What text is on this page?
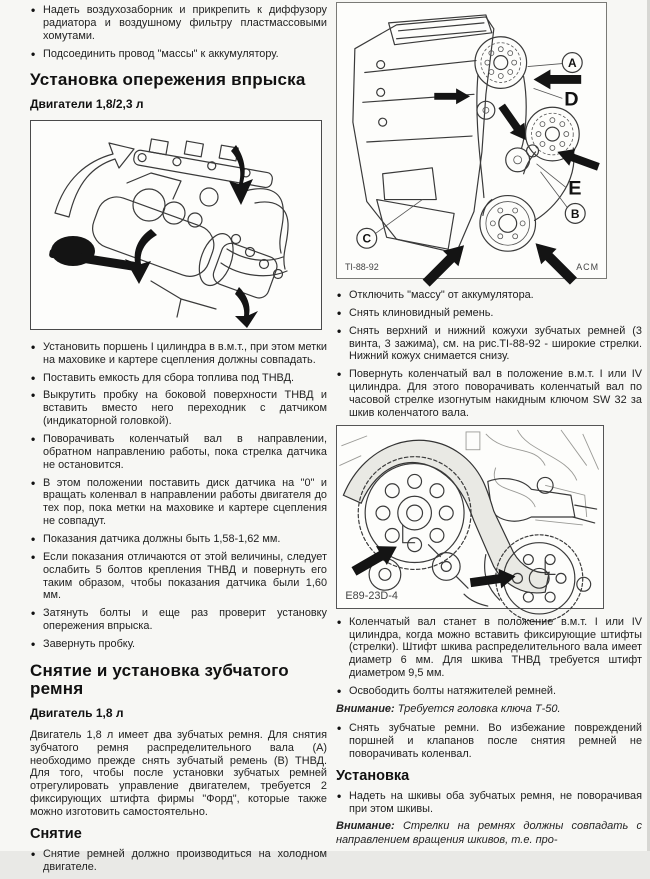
• Надеть воздухозаборник и прикрепить к диффузору радиатора и воздушному фильтру пластмассовыми хомутами.
• Подсоединить провод "массы" к аккумулятору.
Установка опережения впрыска
Двигатели 1,8/2,3 л
• Установить поршень I цилиндра в в.м.т., при этом метки на маховике и картере сцепления должны совпадать.
• Поставить емкость для сбора топлива под ТНВД.
• Выкрутить пробку на боковой поверхности ТНВД и вставить вместо него переходник с датчиком (индикаторной головкой).
• Поворачивать коленчатый вал в направлении, обратном направлению работы, пока стрелка датчика не остановится.
• В этом положении поставить диск датчика на "0" и вращать коленвал в направлении работы двигателя до тех пор, пока метки на маховике и картере сцепления не совпадут.
• Показания датчика должны быть 1,58-1,62 мм.
• Если показания отличаются от этой величины, следует ослабить 5 болтов крепления ТНВД и повернуть его таким образом, чтобы показания датчика были 1,60 мм.
• Затянуть болты и еще раз проверит установку опережения впрыска.
• Завернуть пробку.
Снятие и установка зубчатого ремня
Двигатель 1,8 л

Двигатель 1,8 л имеет два зубчатых ремня. Для снятия зубчатого ремня распределительного вала (А) необходимо прежде снять зубчатый ремень (В) ТНВД. Для того, чтобы после установки зубчатых ремней отрегулировать управление двигателем, требуется 2 фиксирующих штифта фирмы "Форд", которые также можно изготовить самостоятельно.

Снятие
• Снятие ремней должно производиться на холодном двигателе.
A
D
E
B
C
TI-88-92	ACM
• Отключить "массу" от аккумулятора.
• Снять клиновидный ремень.
• Снять верхний и нижний кожухи зубчатых ремней (3 винта, 3 зажима), см. на рис.TI-88-92 - широкие стрелки. Нижний кожух снимается снизу.
• Повернуть коленчатый вал в положение в.м.т. I или IV цилиндра. Для этого поворачивать коленчатый вал по часовой стрелке изогнутым накидным ключом SW 32 за шкив коленчатого вала.
E89-23D-4
• Коленчатый вал станет в положение в.м.т. I или IV цилиндра, когда можно вставить фиксирующие штифты (стрелки). Штифт шкива распределительного вала имеет диаметр 6 мм. Для шкива ТНВД требуется штифт диаметром 9,5 мм.
• Освободить болты натяжителей ремней.

Внимание: Требуется головка ключа Т-50.

• Снять зубчатые ремни. Во избежание повреждений поршней и клапанов после снятия ремней не поворачивать коленвал.
Установка
• Надеть на шкивы оба зубчатых ремня, не поворачивая при этом шкивы.

Внимание: Стрелки на ремнях должны совпадать с направлением вращения шкивов, т.е. про-
